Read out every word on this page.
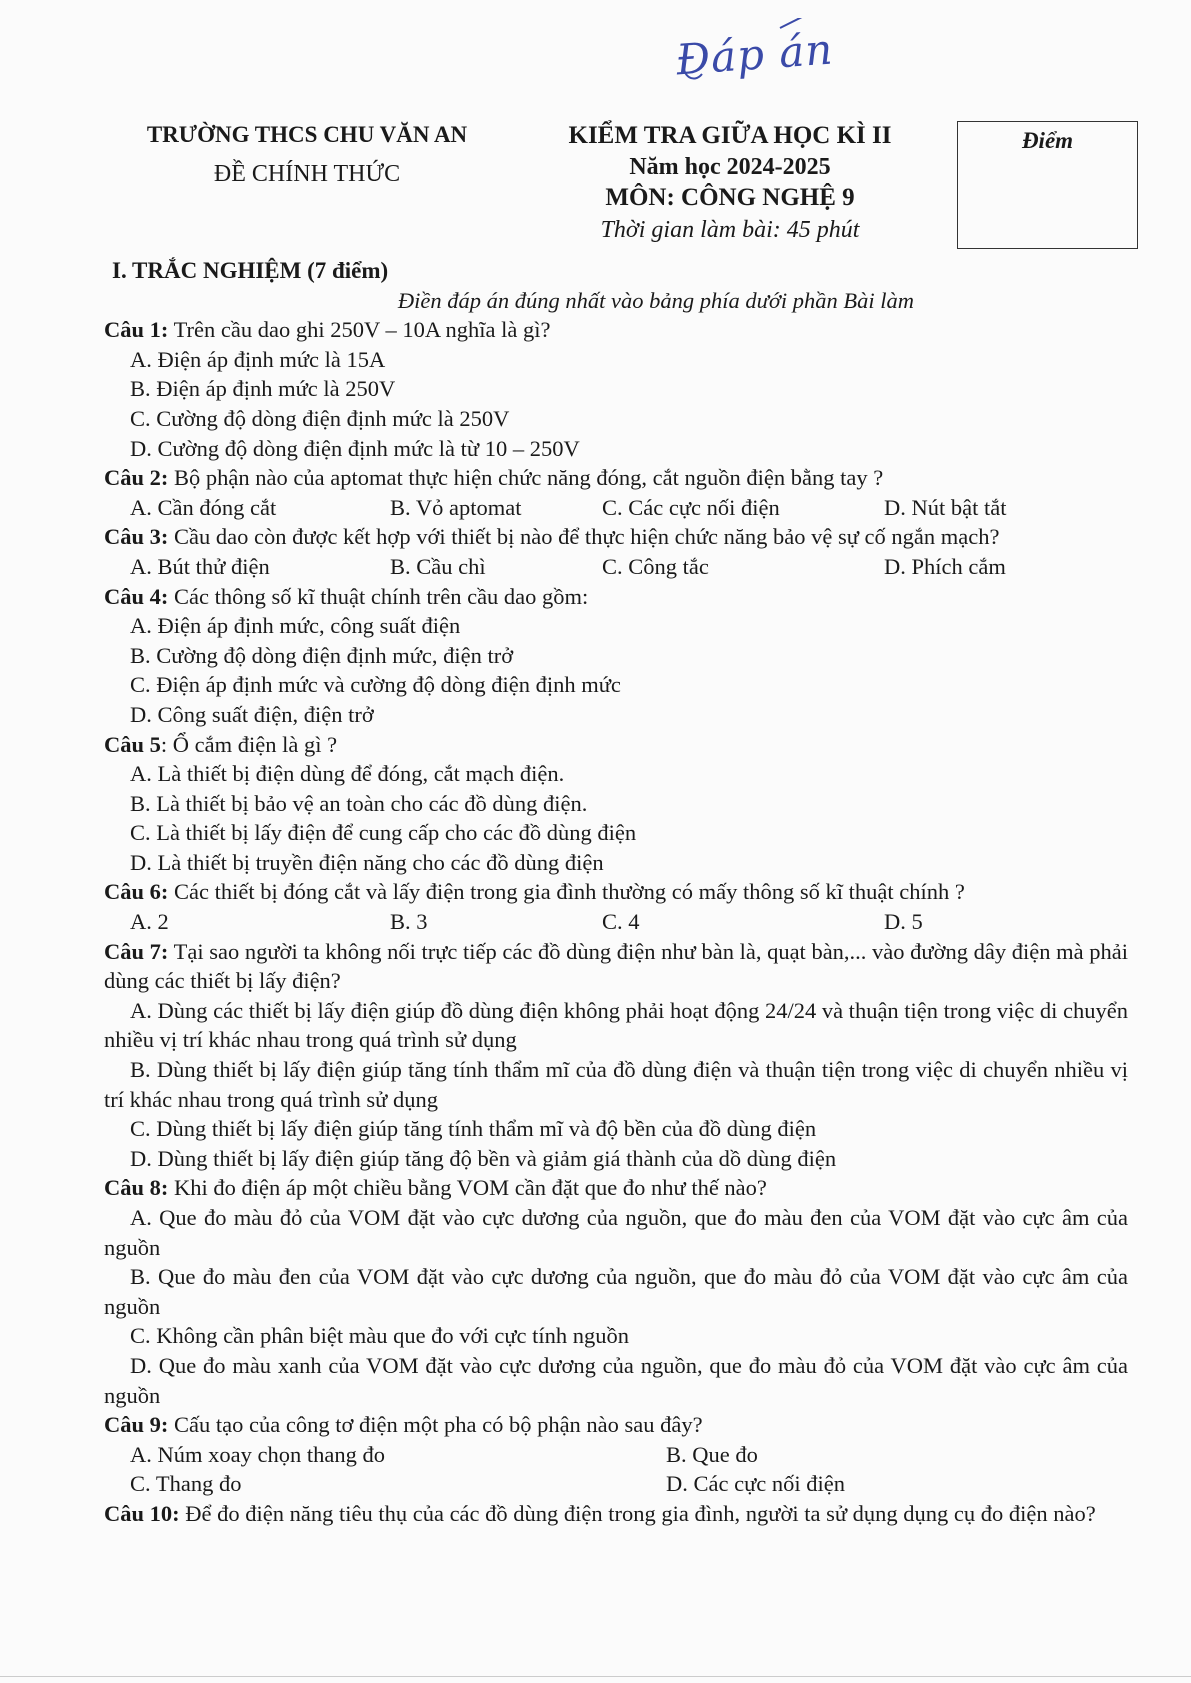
Đáp án
TRƯỜNG THCS CHU VĂN AN
ĐỀ CHÍNH THỨC
KIỂM TRA GIỮA HỌC KÌ II
Năm học 2024-2025
MÔN: CÔNG NGHỆ 9
Thời gian làm bài: 45 phút
Điểm
I. TRẮC NGHIỆM (7 điểm)
Điền đáp án đúng nhất vào bảng phía dưới phần Bài làm
Câu 1: Trên cầu dao ghi 250V – 10A nghĩa là gì?
A. Điện áp định mức là 15A
B. Điện áp định mức là 250V
C. Cường độ dòng điện định mức là 250V
D. Cường độ dòng điện định mức là từ 10 – 250V
Câu 2: Bộ phận nào của aptomat thực hiện chức năng đóng, cắt nguồn điện bằng tay ?
A. Cần đóng cắt	B. Vỏ aptomat	C. Các cực nối điện	D. Nút bật tắt
Câu 3: Cầu dao còn được kết hợp với thiết bị nào để thực hiện chức năng bảo vệ sự cố ngắn mạch?
A. Bút thử điện	B. Cầu chì	C. Công tắc	D. Phích cắm
Câu 4: Các thông số kĩ thuật chính trên cầu dao gồm:
A. Điện áp định mức, công suất điện
B. Cường độ dòng điện định mức, điện trở
C. Điện áp định mức và cường độ dòng điện định mức
D. Công suất điện, điện trở
Câu 5: Ổ cắm điện là gì ?
A. Là thiết bị điện dùng để đóng, cắt mạch điện.
B. Là thiết bị bảo vệ an toàn cho các đồ dùng điện.
C. Là thiết bị lấy điện để cung cấp cho các đồ dùng điện
D. Là thiết bị truyền điện năng cho các đồ dùng điện
Câu 6: Các thiết bị đóng cắt và lấy điện trong gia đình thường có mấy thông số kĩ thuật chính ?
A. 2	B. 3	C. 4	D. 5
Câu 7: Tại sao người ta không nối trực tiếp các đồ dùng điện như bàn là, quạt bàn,... vào đường dây điện mà phải dùng các thiết bị lấy điện?
A. Dùng các thiết bị lấy điện giúp đồ dùng điện không phải hoạt động 24/24 và thuận tiện trong việc di chuyển nhiều vị trí khác nhau trong quá trình sử dụng
B. Dùng thiết bị lấy điện giúp tăng tính thẩm mĩ của đồ dùng điện và thuận tiện trong việc di chuyển nhiều vị trí khác nhau trong quá trình sử dụng
C. Dùng thiết bị lấy điện giúp tăng tính thẩm mĩ và độ bền của đồ dùng điện
D. Dùng thiết bị lấy điện giúp tăng độ bền và giảm giá thành của dồ dùng điện
Câu 8: Khi đo điện áp một chiều bằng VOM cần đặt que đo như thế nào?
A. Que đo màu đỏ của VOM đặt vào cực dương của nguồn, que đo màu đen của VOM đặt vào cực âm của nguồn
B. Que đo màu đen của VOM đặt vào cực dương của nguồn, que đo màu đỏ của VOM đặt vào cực âm của nguồn
C. Không cần phân biệt màu que đo với cực tính nguồn
D. Que đo màu xanh của VOM đặt vào cực dương của nguồn, que đo màu đỏ của VOM đặt vào cực âm của nguồn
Câu 9: Cấu tạo của công tơ điện một pha có bộ phận nào sau đây?
A. Núm xoay chọn thang đo	B. Que đo
C. Thang đo	D. Các cực nối điện
Câu 10: Để đo điện năng tiêu thụ của các đồ dùng điện trong gia đình, người ta sử dụng dụng cụ đo điện nào?
